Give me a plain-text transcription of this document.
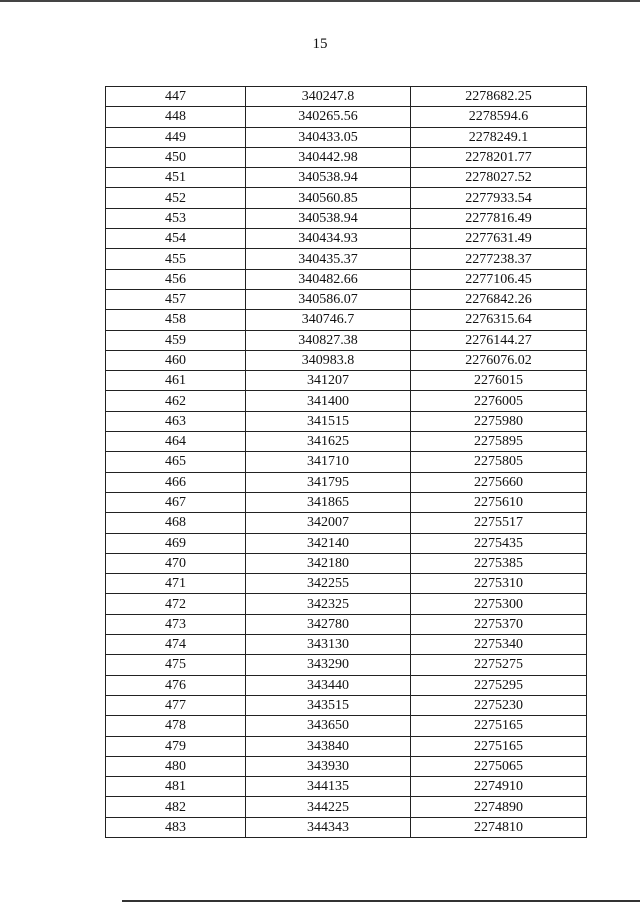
15
447	340247.8	2278682.25
448	340265.56	2278594.6
449	340433.05	2278249.1
450	340442.98	2278201.77
451	340538.94	2278027.52
452	340560.85	2277933.54
453	340538.94	2277816.49
454	340434.93	2277631.49
455	340435.37	2277238.37
456	340482.66	2277106.45
457	340586.07	2276842.26
458	340746.7	2276315.64
459	340827.38	2276144.27
460	340983.8	2276076.02
461	341207	2276015
462	341400	2276005
463	341515	2275980
464	341625	2275895
465	341710	2275805
466	341795	2275660
467	341865	2275610
468	342007	2275517
469	342140	2275435
470	342180	2275385
471	342255	2275310
472	342325	2275300
473	342780	2275370
474	343130	2275340
475	343290	2275275
476	343440	2275295
477	343515	2275230
478	343650	2275165
479	343840	2275165
480	343930	2275065
481	344135	2274910
482	344225	2274890
483	344343	2274810
